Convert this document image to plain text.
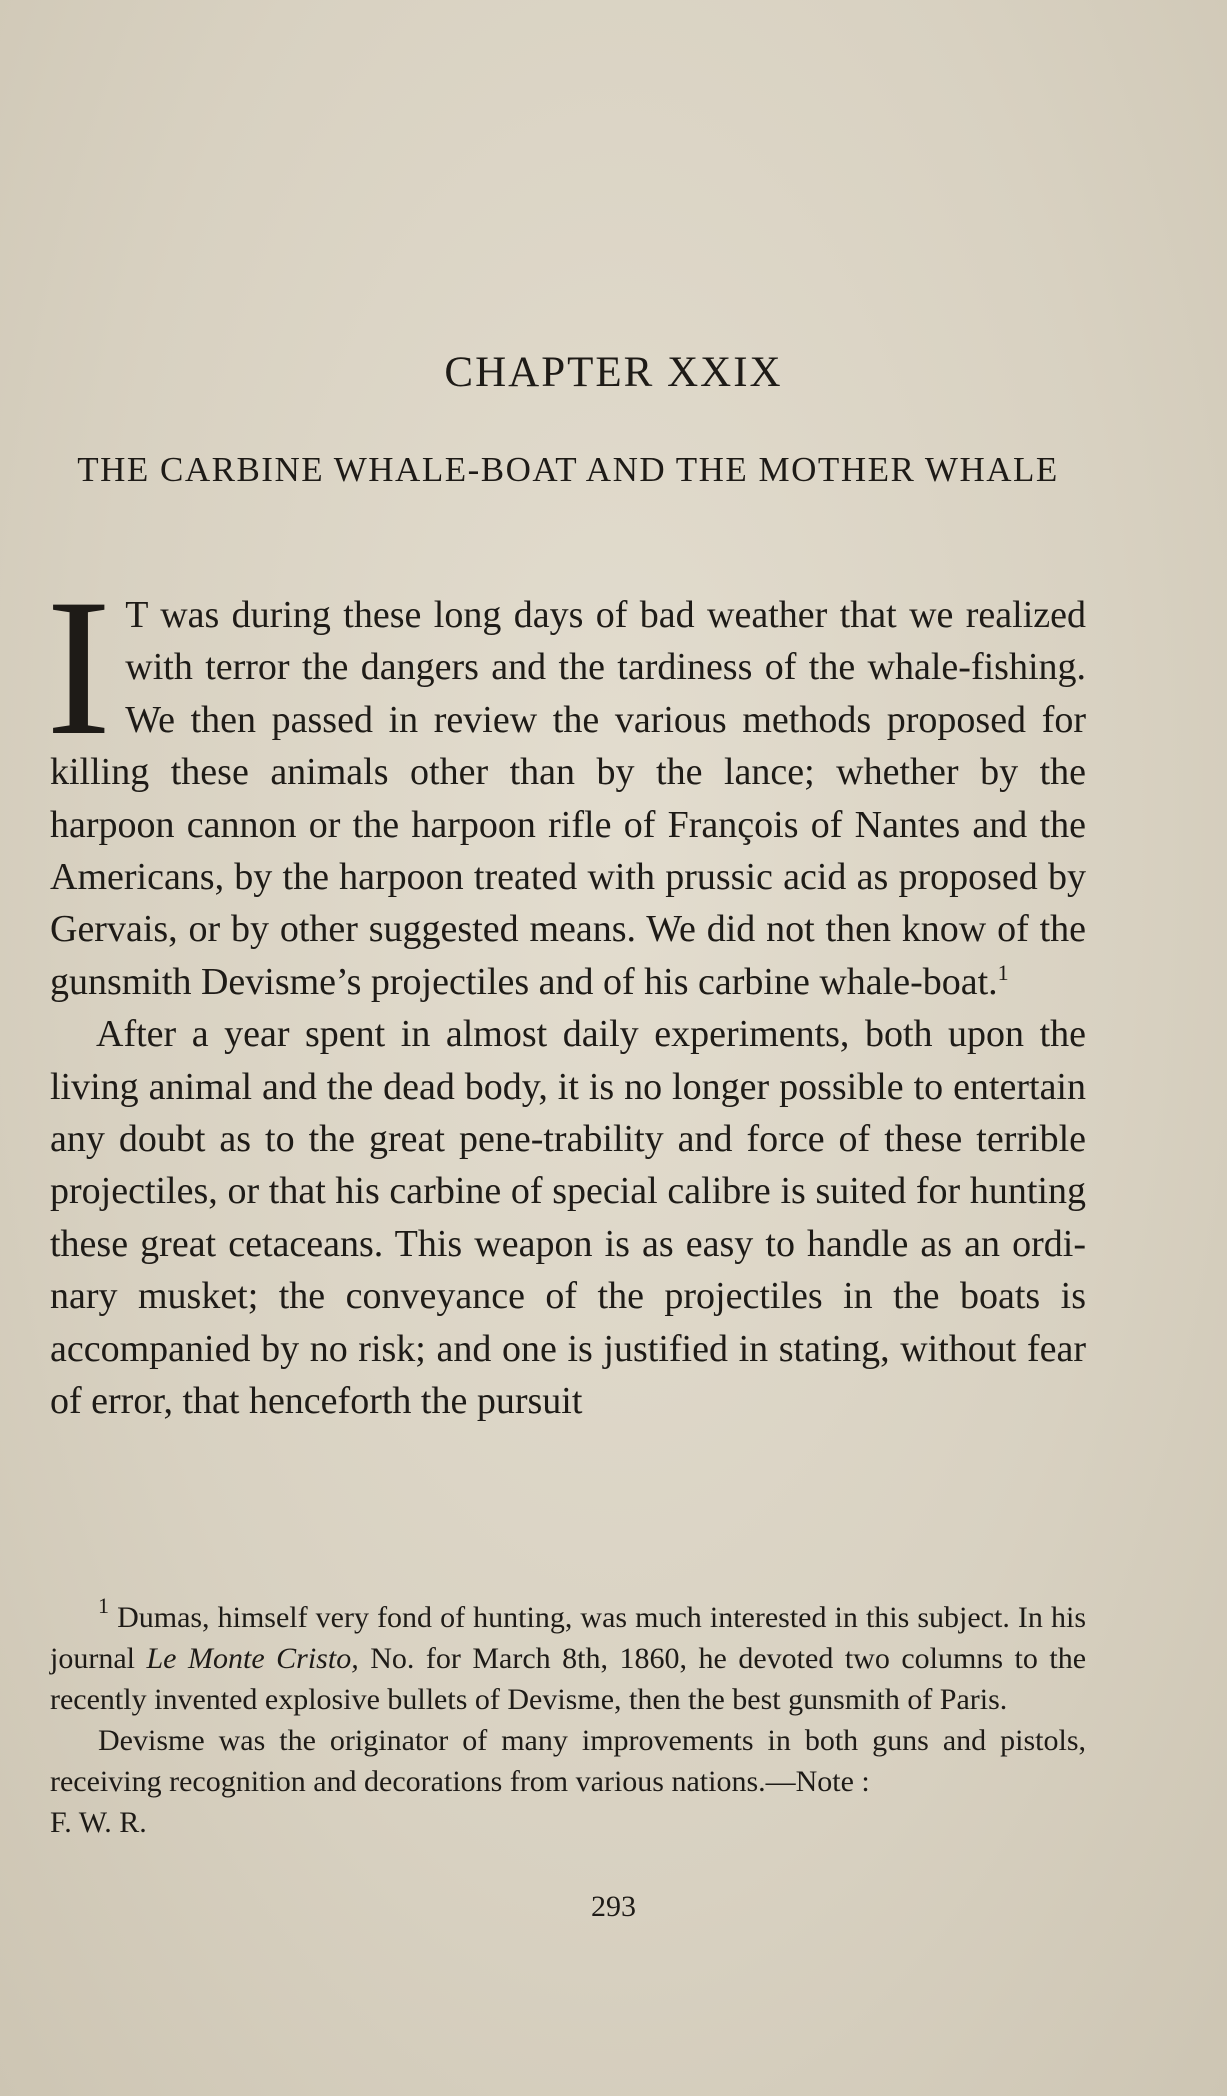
CHAPTER XXIX
THE CARBINE WHALE-BOAT AND THE MOTHER WHALE

I T was during these long days of bad weather that we realized with terror the dangers and the tardiness of the whale-fishing. We then passed in review the various methods proposed for killing these animals other than by the lance; whether by the harpoon cannon or the harpoon rifle of François of Nantes and the Americans, by the harpoon treated with prussic acid as proposed by Gervais, or by other suggested means. We did not then know of the gunsmith Devisme’s projectiles and of his carbine whale-boat.$^1$

After a year spent in almost daily experiments, both upon the living animal and the dead body, it is no longer possible to entertain any doubt as to the great pene-trability and force of these terrible projectiles, or that his carbine of special calibre is suited for hunting these great cetaceans. This weapon is as easy to handle as an ordi-nary musket; the conveyance of the projectiles in the boats is accompanied by no risk; and one is justified in stating, without fear of error, that henceforth the pursuit

$^1$ Dumas, himself very fond of hunting, was much interested in this subject. In his journal Le Monte Cristo, No. for March 8th, 1860, he devoted two columns to the recently invented explosive bullets of Devisme, then the best gunsmith of Paris.

Devisme was the originator of many improvements in both guns and pistols, receiving recognition and decorations from various nations.—Note :

F. W. R.

293
